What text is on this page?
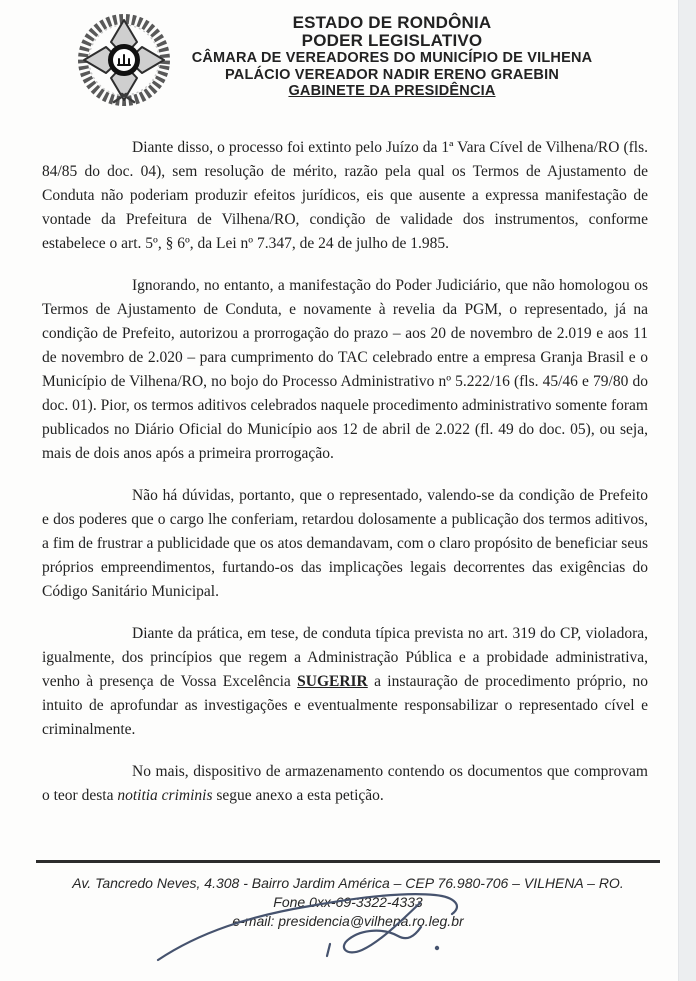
ESTADO DE RONDÔNIA
PODER LEGISLATIVO
CÂMARA DE VEREADORES DO MUNICÍPIO DE VILHENA
PALÁCIO VEREADOR NADIR ERENO GRAEBIN
GABINETE DA PRESIDÊNCIA

Diante disso, o processo foi extinto pelo Juízo da 1ª Vara Cível de Vilhena/RO (fls. 84/85 do doc. 04), sem resolução de mérito, razão pela qual os Termos de Ajustamento de Conduta não poderiam produzir efeitos jurídicos, eis que ausente a expressa manifestação de vontade da Prefeitura de Vilhena/RO, condição de validade dos instrumentos, conforme estabelece o art. 5º, § 6º, da Lei nº 7.347, de 24 de julho de 1.985.

Ignorando, no entanto, a manifestação do Poder Judiciário, que não homologou os Termos de Ajustamento de Conduta, e novamente à revelia da PGM, o representado, já na condição de Prefeito, autorizou a prorrogação do prazo – aos 20 de novembro de 2.019 e aos 11 de novembro de 2.020 – para cumprimento do TAC celebrado entre a empresa Granja Brasil e o Município de Vilhena/RO, no bojo do Processo Administrativo nº 5.222/16 (fls. 45/46 e 79/80 do doc. 01). Pior, os termos aditivos celebrados naquele procedimento administrativo somente foram publicados no Diário Oficial do Município aos 12 de abril de 2.022 (fl. 49 do doc. 05), ou seja, mais de dois anos após a primeira prorrogação.

Não há dúvidas, portanto, que o representado, valendo-se da condição de Prefeito e dos poderes que o cargo lhe conferiam, retardou dolosamente a publicação dos termos aditivos, a fim de frustrar a publicidade que os atos demandavam, com o claro propósito de beneficiar seus próprios empreendimentos, furtando-os das implicações legais decorrentes das exigências do Código Sanitário Municipal.

Diante da prática, em tese, de conduta típica prevista no art. 319 do CP, violadora, igualmente, dos princípios que regem a Administração Pública e a probidade administrativa, venho à presença de Vossa Excelência SUGERIR a instauração de procedimento próprio, no intuito de aprofundar as investigações e eventualmente responsabilizar o representado cível e criminalmente.

No mais, dispositivo de armazenamento contendo os documentos que comprovam o teor desta notitia criminis segue anexo a esta petição.

Av. Tancredo Neves, 4.308 - Bairro Jardim América – CEP 76.980-706 – VILHENA – RO.
Fone 0xx-69-3322-4333
e-mail: presidencia@vilhena.ro.leg.br
